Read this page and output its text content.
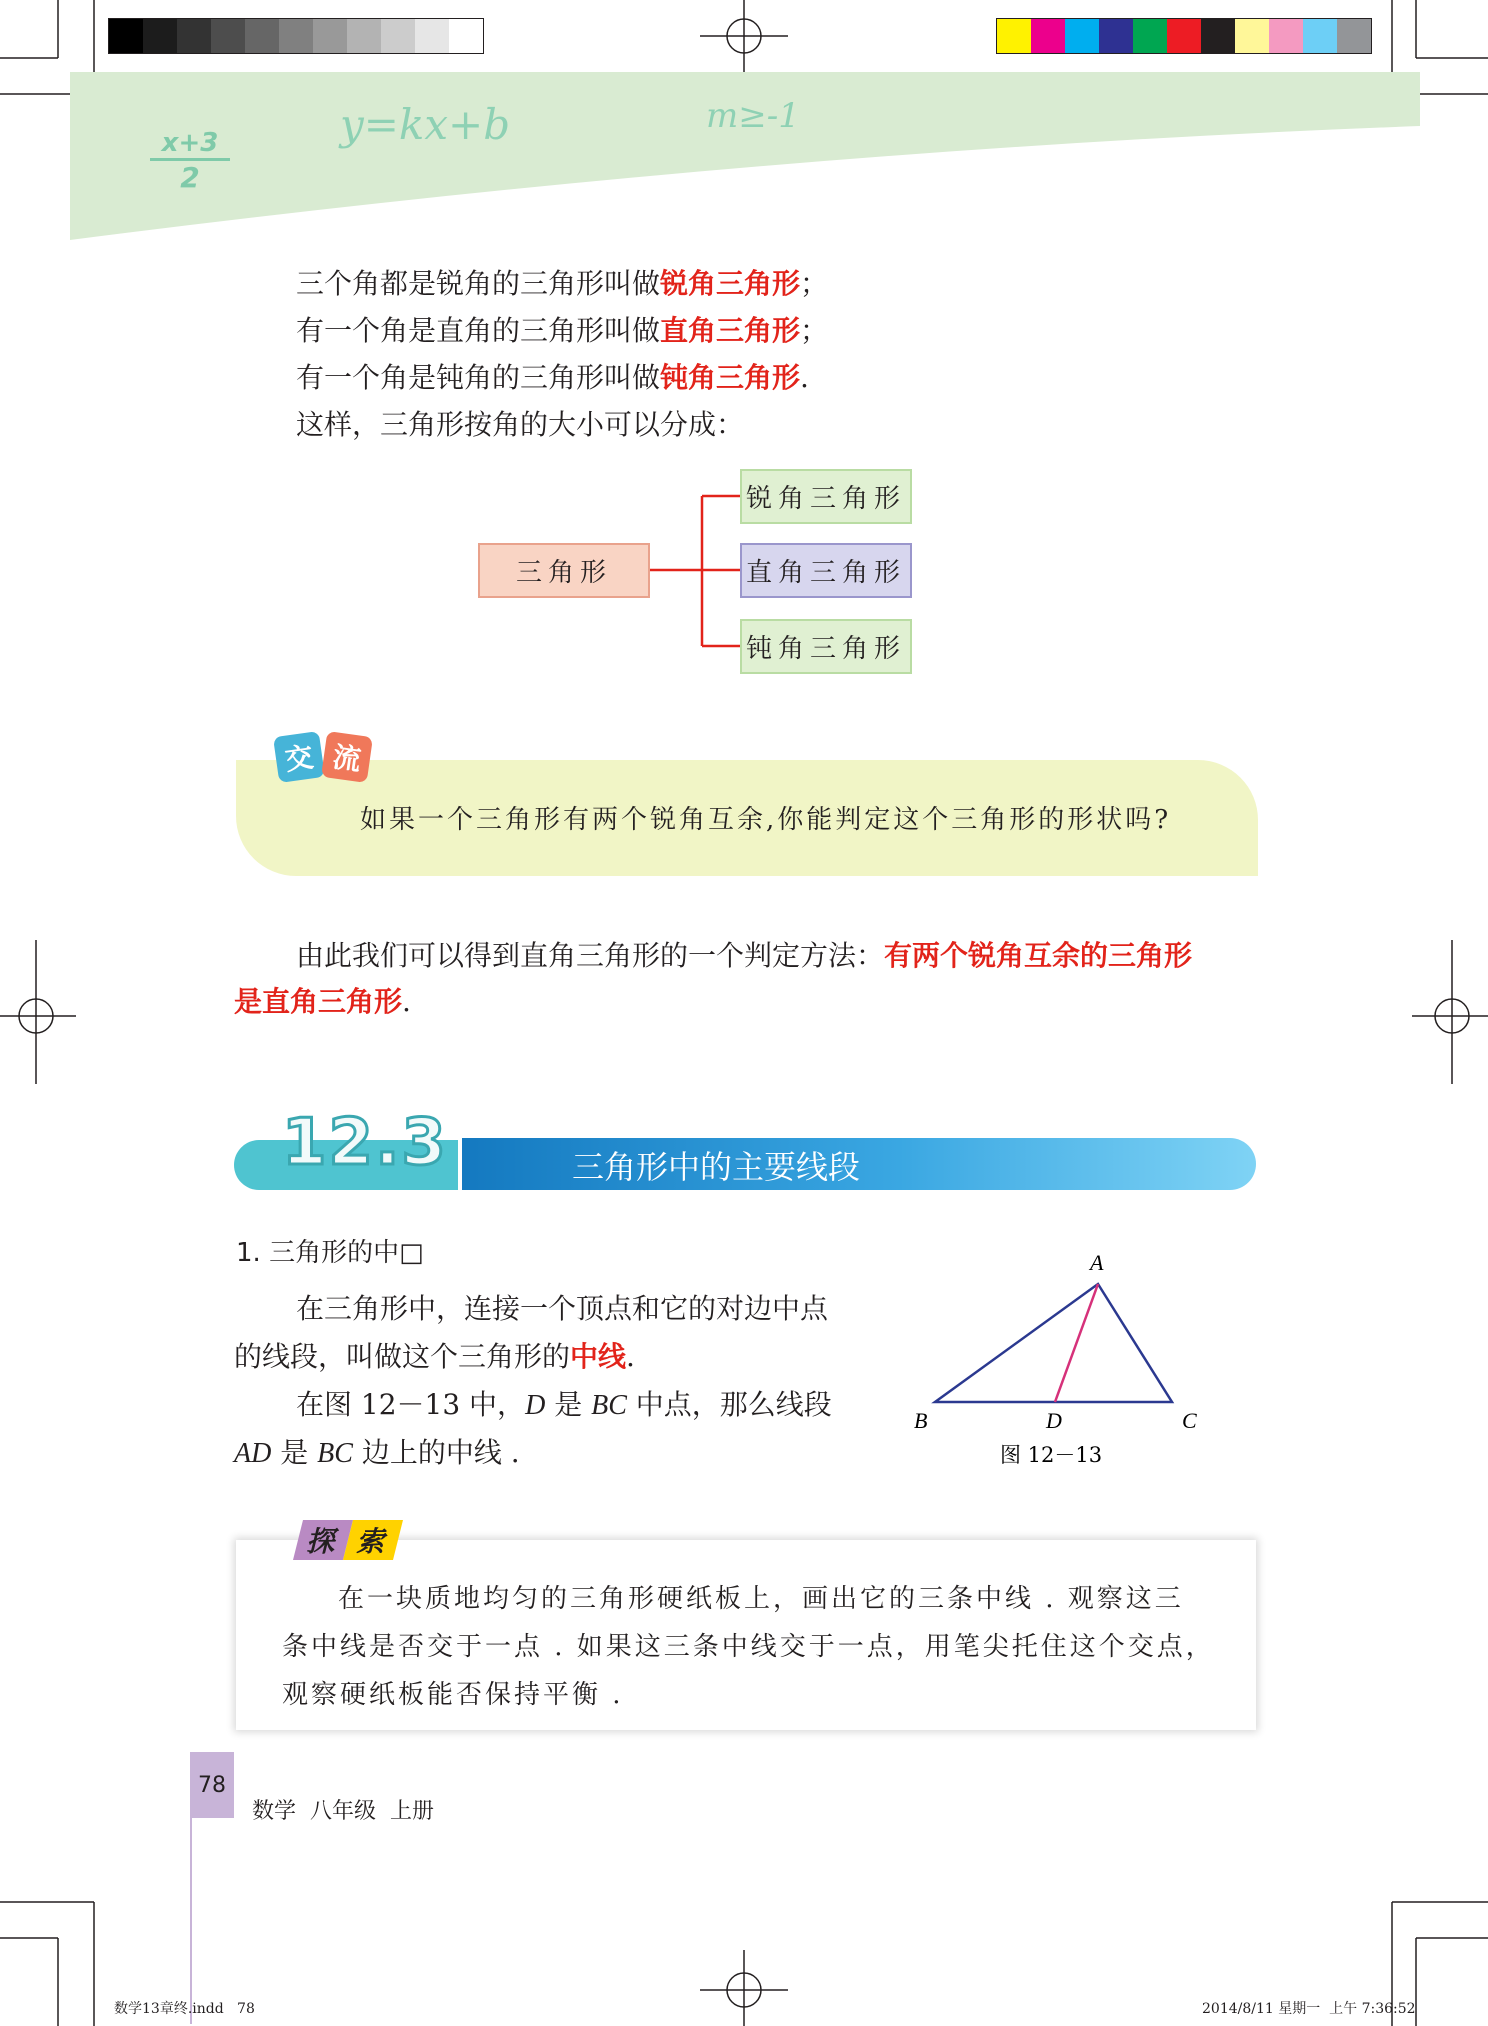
$\frac{x+3}{2}$
y=kx+b	m≥-1
三个角都是锐角的三角形叫做锐角三角形；
有一个角是直角的三角形叫做直角三角形；
有一个角是钝角的三角形叫做钝角三角形.
这样，三角形按角的大小可以分成：
三角形
锐角三角形
直角三角形
钝角三角形
交 流
如果一个三角形有两个锐角互余,你能判定这个三角形的形状吗?
由此我们可以得到直角三角形的一个判定方法：有两个锐角互余的三角形
是直角三角形.
12.3	三角形中的主要线段
1. 三角形的中□
在三角形中，连接一个顶点和它的对边中点
的线段，叫做这个三角形的中线.
在图 12－13 中，D 是 BC 中点，那么线段
AD 是 BC 边上的中线 .
A
B	C
D
图 12－13
探 索
在一块质地均匀的三角形硬纸板上，画出它的三条中线 . 观察这三
条中线是否交于一点 . 如果这三条中线交于一点，用笔尖托住这个交点，
观察硬纸板能否保持平衡 .
78
数学  八年级  上册
数学13章终.indd   78	2014/8/11 星期一  上午 7:36:52
